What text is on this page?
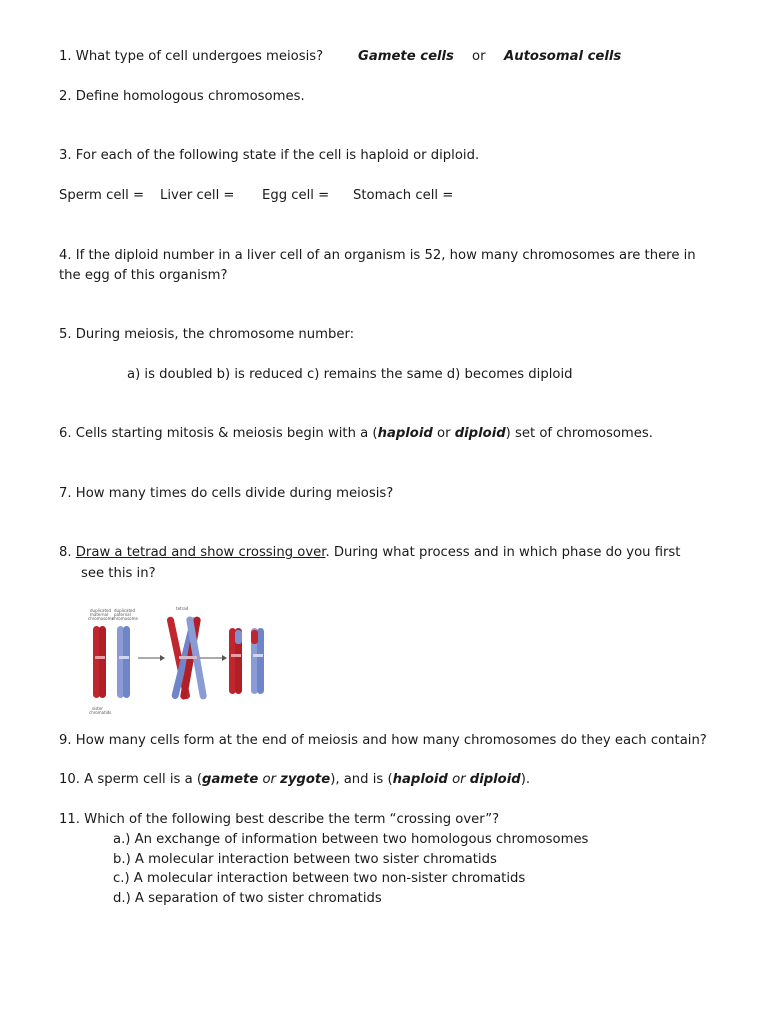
1. What type of cell undergoes meiosis?	Gamete cells or Autosomal cells
2. Define homologous chromosomes.
3. For each of the following state if the cell is haploid or diploid.
Sperm cell = Liver cell = Egg cell = Stomach cell =
4. If the diploid number in a liver cell of an organism is 52, how many chromosomes are there in
the egg of this organism?
5. During meiosis, the chromosome number:
a) is doubled b) is reduced c) remains the same d) becomes diploid
6. Cells starting mitosis & meiosis begin with a (haploid or diploid) set of chromosomes.
7. How many times do cells divide during meiosis?
8. Draw a tetrad and show crossing over. During what process and in which phase do you first
see this in?
duplicated
maternal
chromosome
duplicated
paternal
chromosome
tetrad
sister
chromatids
9. How many cells form at the end of meiosis and how many chromosomes do they each contain?
10. A sperm cell is a (gamete or zygote), and is (haploid or diploid).
11. Which of the following best describe the term “crossing over”?
a.) An exchange of information between two homologous chromosomes
b.) A molecular interaction between two sister chromatids
c.) A molecular interaction between two non-sister chromatids
d.) A separation of two sister chromatids
